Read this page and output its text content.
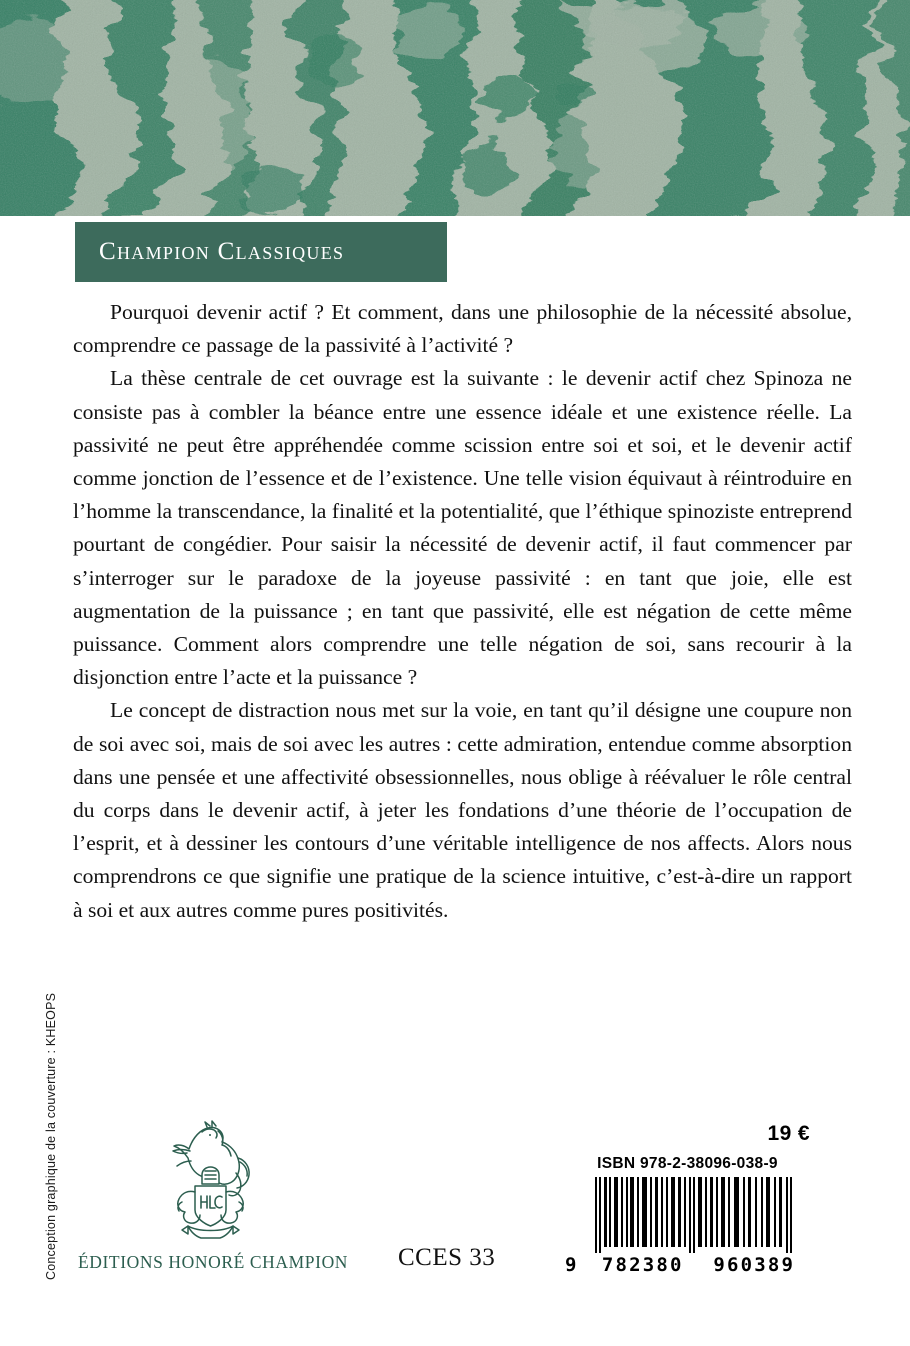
Champion Classiques

Pourquoi devenir actif ? Et comment, dans une philosophie de la nécessité absolue, comprendre ce passage de la passivité à l’activité ?

La thèse centrale de cet ouvrage est la suivante : le devenir actif chez Spinoza ne consiste pas à combler la béance entre une essence idéale et une existence réelle. La passivité ne peut être appréhendée comme scission entre soi et soi, et le devenir actif comme jonction de l’essence et de l’existence. Une telle vision équivaut à réintroduire en l’homme la transcendance, la finalité et la potentialité, que l’éthique spinoziste entreprend pourtant de congédier. Pour saisir la nécessité de devenir actif, il faut commencer par s’interroger sur le paradoxe de la joyeuse passivité : en tant que joie, elle est augmentation de la puissance ; en tant que passivité, elle est négation de cette même puissance. Comment alors comprendre une telle négation de soi, sans recourir à la disjonction entre l’acte et la puissance ?

Le concept de distraction nous met sur la voie, en tant qu’il désigne une coupure non de soi avec soi, mais de soi avec les autres : cette admiration, entendue comme absorption dans une pensée et une affectivité obsessionnelles, nous oblige à réévaluer le rôle central du corps dans le devenir actif, à jeter les fondations d’une théorie de l’occupation de l’esprit, et à dessiner les contours d’une véritable intelligence de nos affects. Alors nous comprendrons ce que signifie une pratique de la science intuitive, c’est-à-dire un rapport à soi et aux autres comme pures positivités.

Conception graphique de la couverture : KHEOPS ÉDITIONS HONORÉ CHAMPION CCES 33
19 €
ISBN 978-2-38096-038-9
9	782380	960389
